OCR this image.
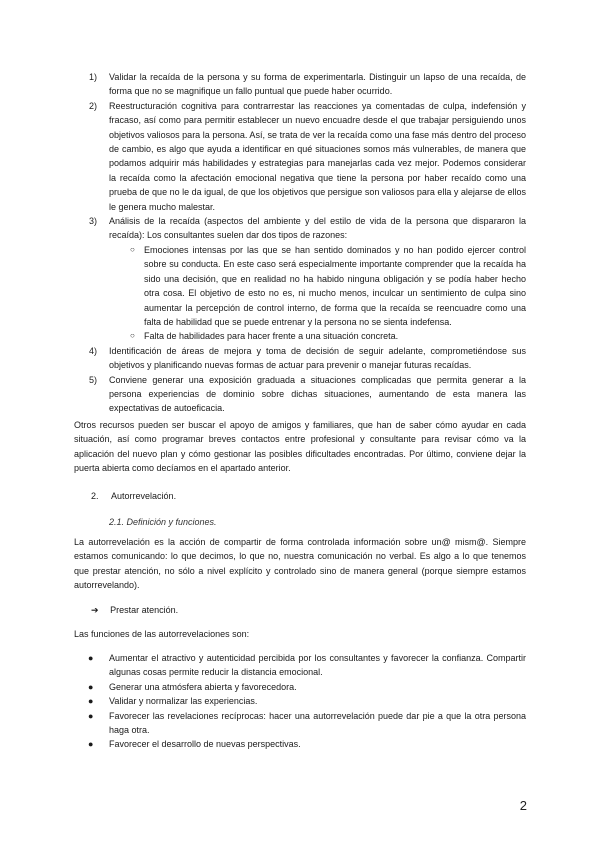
1) Validar la recaída de la persona y su forma de experimentarla. Distinguir un lapso de una recaída, de forma que no se magnifique un fallo puntual que puede haber ocurrido.
2) Reestructuración cognitiva para contrarrestar las reacciones ya comentadas de culpa, indefensión y fracaso, así como para permitir establecer un nuevo encuadre desde el que trabajar persiguiendo unos objetivos valiosos para la persona. Así, se trata de ver la recaída como una fase más dentro del proceso de cambio, es algo que ayuda a identificar en qué situaciones somos más vulnerables, de manera que podamos adquirir más habilidades y estrategias para manejarlas cada vez mejor. Podemos considerar la recaída como la afectación emocional negativa que tiene la persona por haber recaído como una prueba de que no le da igual, de que los objetivos que persigue son valiosos para ella y alejarse de ellos le genera mucho malestar.
3) Análisis de la recaída (aspectos del ambiente y del estilo de vida de la persona que dispararon la recaída): Los consultantes suelen dar dos tipos de razones:
○ Emociones intensas por las que se han sentido dominados y no han podido ejercer control sobre su conducta. En este caso será especialmente importante comprender que la recaída ha sido una decisión, que en realidad no ha habido ninguna obligación y se podía haber hecho otra cosa. El objetivo de esto no es, ni mucho menos, inculcar un sentimiento de culpa sino aumentar la percepción de control interno, de forma que la recaída se reencuadre como una falta de habilidad que se puede entrenar y la persona no se sienta indefensa.
○ Falta de habilidades para hacer frente a una situación concreta.
4) Identificación de áreas de mejora y toma de decisión de seguir adelante, comprometiéndose sus objetivos y planificando nuevas formas de actuar para prevenir o manejar futuras recaídas.
5) Conviene generar una exposición graduada a situaciones complicadas que permita generar a la persona experiencias de dominio sobre dichas situaciones, aumentando de esta manera las expectativas de autoeficacia.
Otros recursos pueden ser buscar el apoyo de amigos y familiares, que han de saber cómo ayudar en cada situación, así como programar breves contactos entre profesional y consultante para revisar cómo va la aplicación del nuevo plan y cómo gestionar las posibles dificultades encontradas. Por último, conviene dejar la puerta abierta como decíamos en el apartado anterior.
2. Autorrevelación.
2.1. Definición y funciones.
La autorrevelación es la acción de compartir de forma controlada información sobre un@ mism@. Siempre estamos comunicando: lo que decimos, lo que no, nuestra comunicación no verbal. Es algo a lo que tenemos que prestar atención, no sólo a nivel explícito y controlado sino de manera general (porque siempre estamos autorrevelando).
➔ Prestar atención.
Las funciones de las autorrevelaciones son:
● Aumentar el atractivo y autenticidad percibida por los consultantes y favorecer la confianza. Compartir algunas cosas permite reducir la distancia emocional.
● Generar una atmósfera abierta y favorecedora.
● Validar y normalizar las experiencias.
● Favorecer las revelaciones recíprocas: hacer una autorrevelación puede dar pie a que la otra persona haga otra.
● Favorecer el desarrollo de nuevas perspectivas.
2
